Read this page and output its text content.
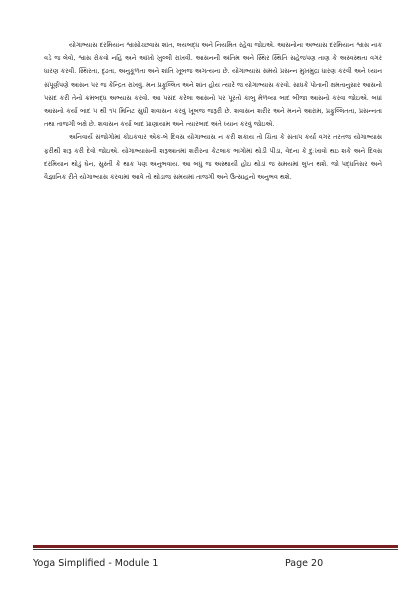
યોગાભ્યાસ દરમિયાન શ્વાસોચ્છ્વાસ શાંત, લયબદ્ધ અને નિયમિત રહેવા જોઇએ. આસનોના અભ્યાસ દરમિયાન શ્વાસ નાક વડે જ લેવો, શ્વાસ રોકવો નહિ અને આંખો ખુલ્લી રાખવી. આસનની અંતિમ અને સ્થિર સ્થિતિ સહેજપણ તાણ કે અસ્વસ્થતા વગર ધારણ કરવી. સ્થિરતા, દૃઢતા, અનુકૂળતા અને શાંતિ ખૂબજ અગત્યના છે. યોગાભ્યાસ સમયે પ્રસન્ન મુખમુદ્રા ધારણ કરવી અને ધ્યાન સંપૂર્ણપણે આસન પર જ કેન્દ્રિત રાખવું. મન પ્રફુલ્લિત અને શાંત હોય ત્યારે જ યોગાભ્યાસ કરવો. સાધકે પોતાની ક્ષમતાનુસાર આસનો પસંદ કરી તેનો ક્રમબદ્ધ અભ્યાસ કરવો. આ પસંદ કરેલા આસનો પર પૂરતો કાબુ મેળવ્યા બાદ બીજા આસનો કરવા જોઇએ. બધાં આસનો કર્યા બાદ ૫ થી ૧૫ મિનિટ સુધી શવાસન કરવું ખૂબજ જરૂરી છે. શવાસન શરીર અને મનને આરામ, પ્રફુલ્લિતતા, પ્રસન્નતા તથા તાજગી બક્ષે છે. શવાસન કર્યા બાદ પ્રાણાયામ અને ત્યારબાદ અંતે ધ્યાન કરવું જોઇએ.

અનિવાર્ય સંજોગોમાં કોઇકવાર એક-બે દિવસ યોગાભ્યાસ ન કરી શકાય તો ચિંતા કે સંતાપ કર્યા વગર તરતજ યોગાભ્યાસ ફરીથી શરૂ કરી દેવો જોઇએ. યોગાભ્યાસની શરૂઆતમાં શરીરના કેટલાક ભાગોમાં થોડી પીડા, વેદના કે દુઃખાવો થઇ શકે અને દિવસ દરમિયાન થોડું ઘેન, સુસ્તી કે થાક પણ અનુભવાય. આ બધું જ અસ્થાયી હોઇ થોડાં જ સમયમાં લુપ્ત થશે. જો પદ્ધતિસર અને વૈજ્ઞાનિક રીતે યોગાભ્યાસ કરવામાં આવે તો થોડાજ સમયમાં તાજગી અને ઉત્સાહનો અનુભવ થશે.

Yoga Simplified - Module 1	Page 20
